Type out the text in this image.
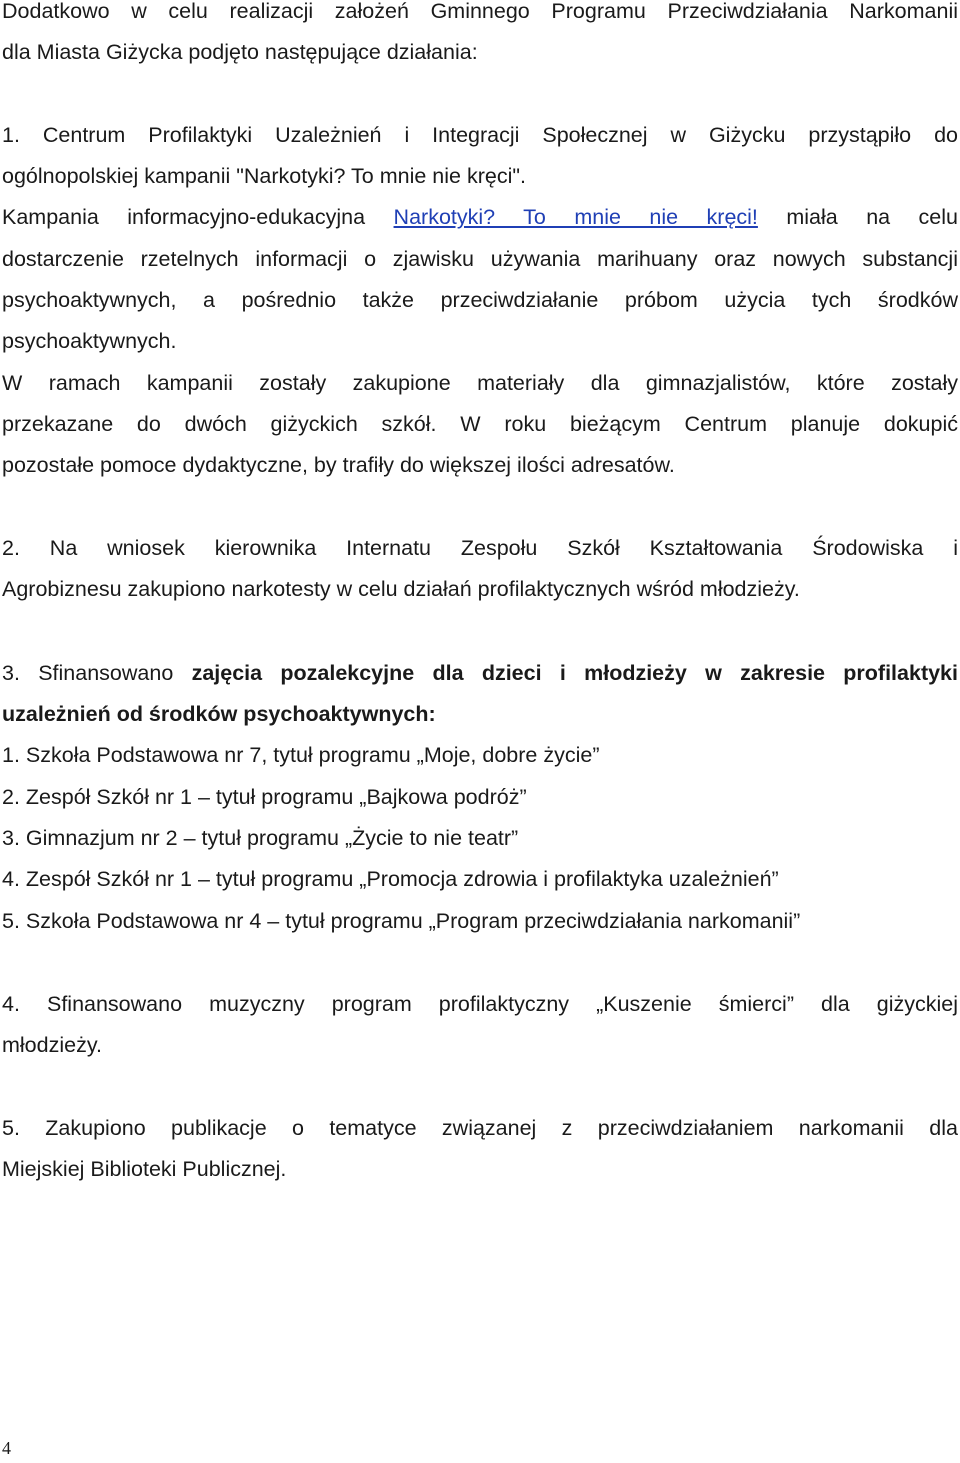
Dodatkowo w celu realizacji założeń Gminnego Programu Przeciwdziałania Narkomanii
dla Miasta Giżycka podjęto następujące działania:
1. Centrum Profilaktyki Uzależnień i Integracji Społecznej w Giżycku przystąpiło do
ogólnopolskiej kampanii "Narkotyki? To mnie nie kręci".
Kampania informacyjno-edukacyjna Narkotyki? To mnie nie kręci! miała na celu
dostarczenie rzetelnych informacji o zjawisku używania marihuany oraz nowych substancji
psychoaktywnych, a pośrednio także przeciwdziałanie próbom użycia tych środków
psychoaktywnych.
W ramach kampanii zostały zakupione materiały dla gimnazjalistów, które zostały
przekazane do dwóch giżyckich szkół. W roku bieżącym Centrum planuje dokupić
pozostałe pomoce dydaktyczne, by trafiły do większej ilości adresatów.
2. Na wniosek kierownika Internatu Zespołu Szkół Kształtowania Środowiska i
Agrobiznesu zakupiono narkotesty w celu działań profilaktycznych wśród młodzieży.
3. Sfinansowano zajęcia pozalekcyjne dla dzieci i młodzieży w zakresie profilaktyki
uzależnień od środków psychoaktywnych:
1. Szkoła Podstawowa nr 7, tytuł programu „Moje, dobre życie”
2. Zespół Szkół nr 1 – tytuł programu „Bajkowa podróż”
3. Gimnazjum nr 2 – tytuł programu „Życie to nie teatr”
4. Zespół Szkół nr 1 – tytuł programu „Promocja zdrowia i profilaktyka uzależnień”
5. Szkoła Podstawowa nr 4 – tytuł programu „Program przeciwdziałania narkomanii”
4. Sfinansowano muzyczny program profilaktyczny „Kuszenie śmierci” dla giżyckiej
młodzieży.
5. Zakupiono publikacje o tematyce związanej z przeciwdziałaniem narkomanii dla
Miejskiej Biblioteki Publicznej.
4
